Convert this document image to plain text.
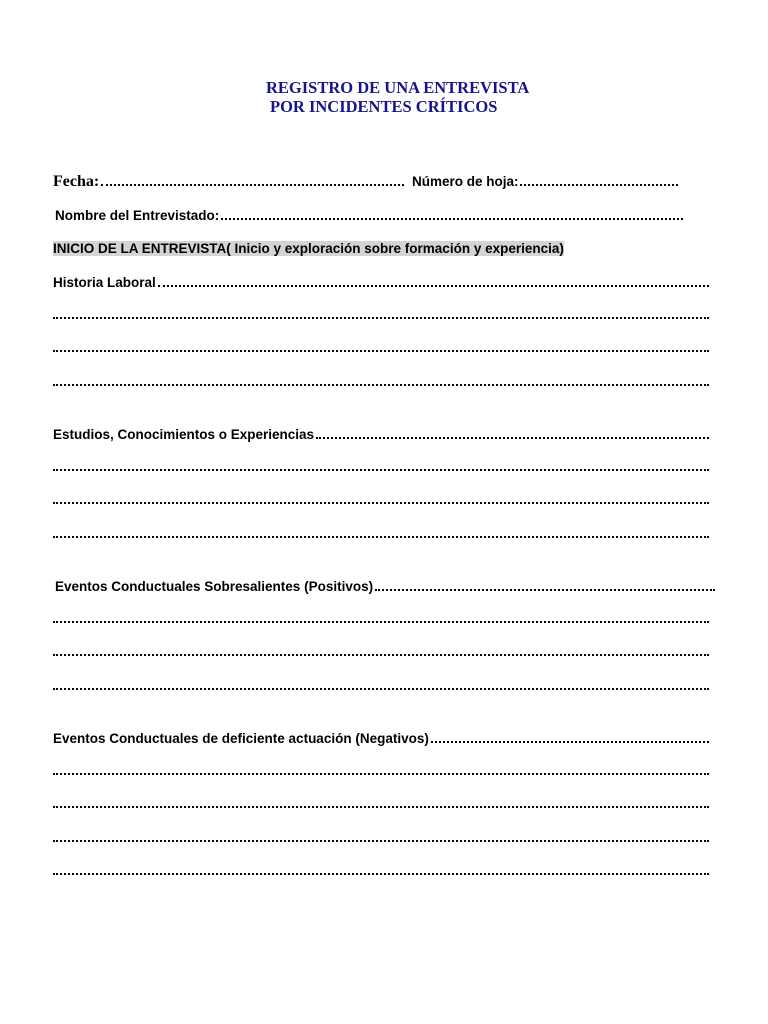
REGISTRO DE UNA ENTREVISTA
POR INCIDENTES CRÍTICOS
Fecha:	Número de hoja:
Nombre del Entrevistado:
INICIO DE LA ENTREVISTA( Inicio y exploración sobre formación y experiencia)
Historia Laboral
Estudios, Conocimientos o Experiencias
Eventos Conductuales Sobresalientes (Positivos)
Eventos Conductuales de deficiente actuación (Negativos)
